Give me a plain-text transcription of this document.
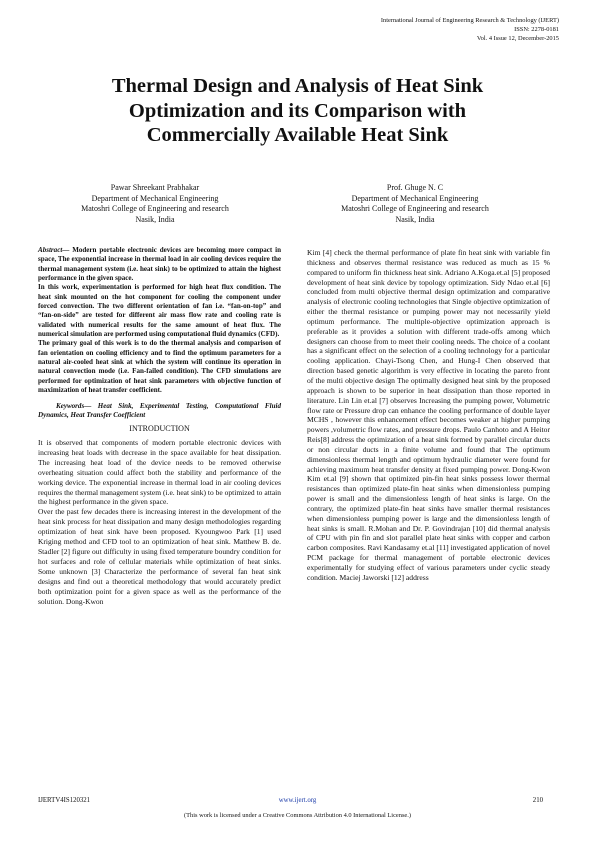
International Journal of Engineering Research & Technology (IJERT)
ISSN: 2278-0181
Vol. 4 Issue 12, December-2015
Thermal Design and Analysis of Heat Sink
Optimization and its Comparison with
Commercially Available Heat Sink
Pawar Shreekant Prabhakar
Department of Mechanical Engineering
Matoshri College of Engineering and research
Nasik, India
Prof. Ghuge N. C
Department of Mechanical Engineering
Matoshri College of Engineering and research
Nasik, India

Abstract— Modern portable electronic devices are becoming more compact in space, The exponential increase in thermal load in air cooling devices require the thermal management system (i.e. heat sink) to be optimized to attain the highest performance in the given space.

In this work, experimentation is performed for high heat flux condition. The heat sink mounted on the hot component for cooling the component under forced convection. The two different orientation of fan i.e. “fan-on-top” and “fan-on-side” are tested for different air mass flow rate and cooling rate is validated with numerical results for the same amount of heat flux. The numerical simulation are performed using computational fluid dynamics (CFD).

The primary goal of this work is to do the thermal analysis and comparison of fan orientation on cooling efficiency and to find the optimum parameters for a natural air-cooled heat sink at which the system will continue its operation in natural convection mode (i.e. Fan-failed condition). The CFD simulations are performed for optimization of heat sink parameters with objective function of maximization of heat transfer coefficient.

Keywords— Heat Sink, Experimental Testing, Computational Fluid Dynamics, Heat Transfer Coefficient

INTRODUCTION

It is observed that components of modern portable electronic devices with increasing heat loads with decrease in the space available for heat dissipation. The increasing heat load of the device needs to be removed otherwise overheating situation could affect both the stability and performance of the working device. The exponential increase in thermal load in air cooling devices requires the thermal management system (i.e. heat sink) to be optimized to attain the highest performance in the given space.

Over the past few decades there is increasing interest in the development of the heat sink process for heat dissipation and many design methodologies regarding optimization of heat sink have been proposed. Kyoungwoo Park [1] used Kriging method and CFD tool to an optimization of heat sink. Matthew B. de. Stadler [2] figure out difficulty in using fixed temperature boundry condition for hot surfaces and role of cellular materials while optimization of heat sinks. Some unknown [3] Characterize the performance of several fan heat sink designs and find out a theoretical methodology that would accurately predict both optimization point for a given space as well as the performance of the solution. Dong-Kwon

Kim [4] check the thermal performance of plate fin heat sink with variable fin thickness and observes thermal resistance was reduced as much as 15 % compared to uniform fin thickness heat sink. Adriano A.Koga.et.al [5] proposed development of heat sink device by topology optimization. Sidy Ndao et.al [6] concluded from multi objective thermal design optimization and comparative analysis of electronic cooling technologies that Single objective optimization of either the thermal resistance or pumping power may not necessarily yield optimum performance. The multiple-objective optimization approach is preferable as it provides a solution with different trade-offs among which designers can choose from to meet their cooling needs. The choice of a coolant has a significant effect on the selection of a cooling technology for a particular cooling application. Chayi-Tsong Chen, and Hung-I Chen observed that direction based genetic algorithm is very effective in locating the pareto front of the multi objective design The optimally designed heat sink by the proposed approach is shown to be superior in heat dissipation than those reported in literature. Lin Lin et.al [7] observes Increasing the pumping power, Volumetric flow rate or Pressure drop can enhance the cooling performance of double layer MCHS , however this enhancement effect becomes weaker at higher pumping powers ,volumetric flow rates, and pressure drops. Paulo Canhoto and A Heitor Reis[8] address the optimization of a heat sink formed by parallel circular ducts or non circular ducts in a finite volume and found that The optimum dimensionless thermal length and optimum hydraulic diameter were found for achieving maximum heat transfer density at fixed pumping power. Dong-Kwon Kim et.al [9] shown that optimized pin-fin heat sinks possess lower thermal resistances than optimized plate-fin heat sinks when dimensionless pumping power is small and the dimensionless length of heat sinks is large. On the contrary, the optimized plate-fin heat sinks have smaller thermal resistances when dimensionless pumping power is large and the dimensionless length of heat sinks is small. R.Mohan and Dr. P. Govindrajan [10] did thermal analysis of CPU with pin fin and slot parallel plate heat sinks with copper and carbon carbon composites. Ravi Kandasamy et.al [11] investigated application of novel PCM package for thermal management of portable electronic devices experimentally for studying effect of various parameters under cyclic steady condition. Maciej Jaworski [12] address

IJERTV4IS120321	www.ijert.org	210
(This work is licensed under a Creative Commons Attribution 4.0 International License.)
